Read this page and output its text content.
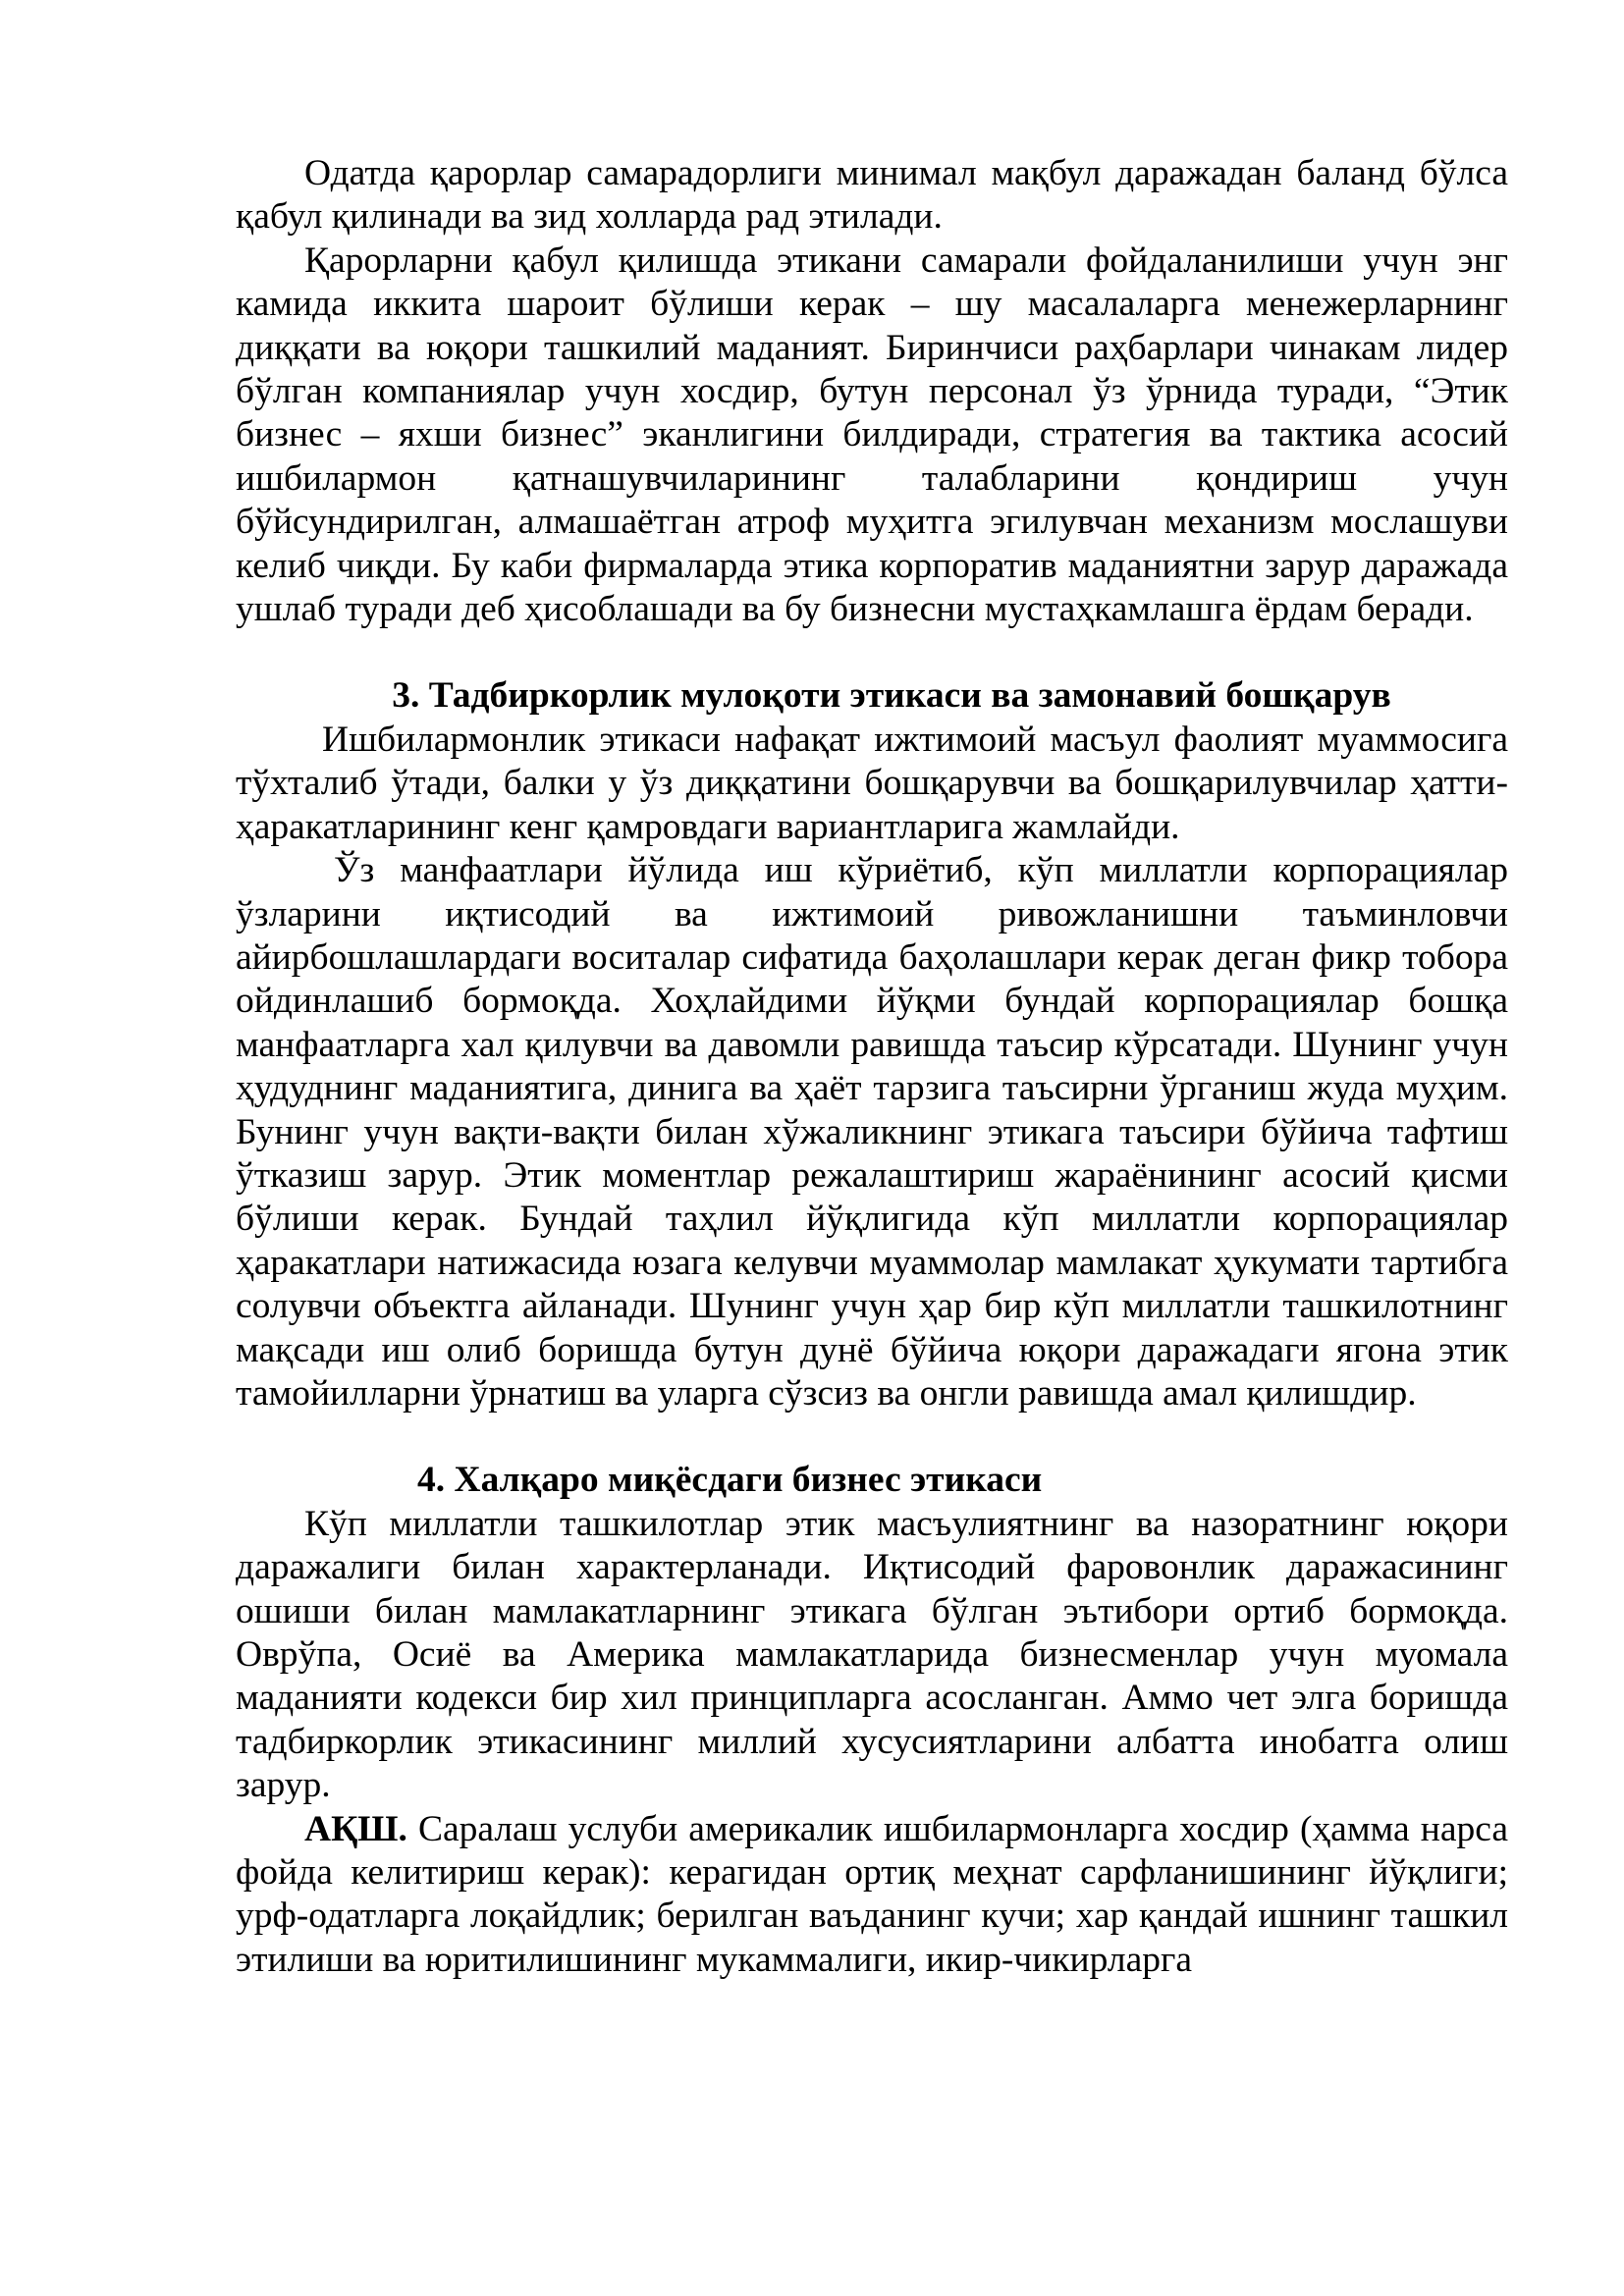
Одатда қарорлар самарадорлиги минимал мақбул даражадан баланд бўлса қабул қилинади ва зид холларда рад этилади.

Қарорларни қабул қилишда этикани самарали фойдаланилиши учун энг камида иккита шароит бўлиши керак – шу масалаларга менежерларнинг диққати ва юқори ташкилий маданият. Биринчиси раҳбарлари чинакам лидер бўлган компаниялар учун хосдир, бутун персонал ўз ўрнида туради, “Этик бизнес – яхши бизнес” эканлигини билдиради, стратегия ва тактика асосий ишбилармон қатнашувчиларининг талабларини қондириш учун бўйсундирилган, алмашаётган атроф муҳитга эгилувчан механизм мослашуви келиб чиқди. Бу каби фирмаларда этика корпоратив маданиятни зарур даражада ушлаб туради деб ҳисоблашади ва бу бизнесни мустаҳкамлашга ёрдам беради.

3. Тадбиркорлик мулоқоти этикаси ва замонавий бошқарув

Ишбилармонлик этикаси нафақат ижтимоий масъул фаолият муаммосига тўхталиб ўтади, балки у ўз диққатини бошқарувчи ва бошқарилувчилар ҳатти-ҳаракатларининг кенг қамровдаги вариантларига жамлайди.

Ўз манфаатлари йўлида иш кўриётиб, кўп миллатли корпорациялар ўзларини иқтисодий ва ижтимоий ривожланишни таъминловчи айирбошлашлардаги воситалар сифатида баҳолашлари керак деган фикр тобора ойдинлашиб бормоқда. Хоҳлайдими йўқми бундай корпорациялар бошқа манфаатларга хал қилувчи ва давомли равишда таъсир кўрсатади. Шунинг учун ҳудуднинг маданиятига, динига ва ҳаёт тарзига таъсирни ўрганиш жуда муҳим. Бунинг учун вақти-вақти билан хўжаликнинг этикага таъсири бўйича тафтиш ўтказиш зарур. Этик моментлар режалаштириш жараёнининг асосий қисми бўлиши керак. Бундай таҳлил йўқлигида кўп миллатли корпорациялар ҳаракатлари натижасида юзага келувчи муаммолар мамлакат ҳукумати тартибга солувчи объектга айланади. Шунинг учун ҳар бир кўп миллатли ташкилотнинг мақсади иш олиб боришда бутун дунё бўйича юқори даражадаги ягона этик тамойилларни ўрнатиш ва уларга сўзсиз ва онгли равишда амал қилишдир.

4. Халқаро миқёсдаги бизнес этикаси

Кўп миллатли ташкилотлар этик масъулиятнинг ва назоратнинг юқори даражалиги билан характерланади. Иқтисодий фаровонлик даражасининг ошиши билан мамлакатларнинг этикага бўлган эътибори ортиб бормоқда. Оврўпа, Осиё ва Америка мамлакатларида бизнесменлар учун муомала маданияти кодекси бир хил принципларга асосланган. Аммо чет элга боришда тадбиркорлик этикасининг миллий хусусиятларини албатта инобатга олиш зарур.

АҚШ. Саралаш услуби америкалик ишбилармонларга хосдир (ҳамма нарса фойда келитириш керак): керагидан ортиқ меҳнат сарфланишининг йўқлиги; урф-одатларга лоқайдлик; берилган ваъданинг кучи; хар қандай ишнинг ташкил этилиши ва юритилишининг мукаммалиги, икир-чикирларга
